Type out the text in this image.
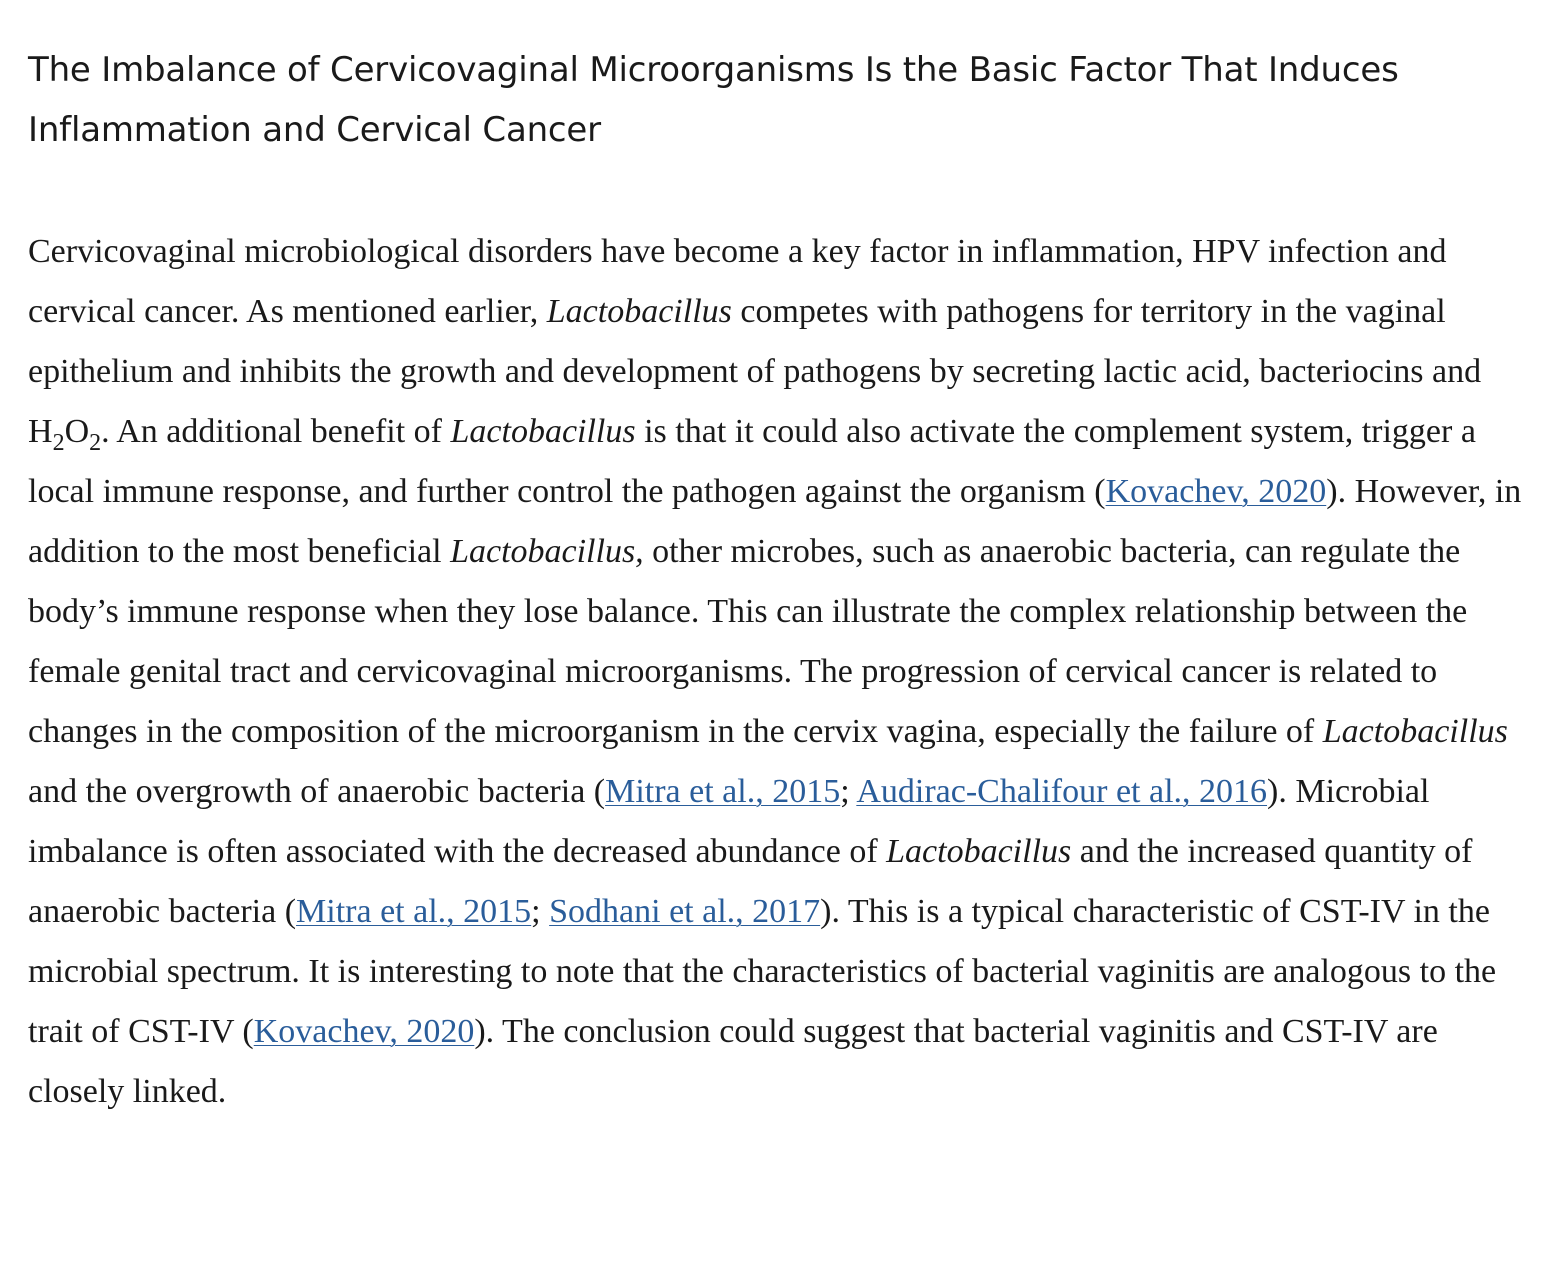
The Imbalance of Cervicovaginal Microorganisms Is the Basic Factor That Induces Inflammation and Cervical Cancer

Cervicovaginal microbiological disorders have become a key factor in inflammation, HPV infection and cervical cancer. As mentioned earlier, Lactobacillus competes with pathogens for territory in the vaginal epithelium and inhibits the growth and development of pathogens by secreting lactic acid, bacteriocins and $H_2O_2$. An additional benefit of Lactobacillus is that it could also activate the complement system, trigger a local immune response, and further control the pathogen against the organism (Kovachev, 2020). However, in addition to the most beneficial Lactobacillus, other microbes, such as anaerobic bacteria, can regulate the body’s immune response when they lose balance. This can illustrate the complex relationship between the female genital tract and cervicovaginal microorganisms. The progression of cervical cancer is related to changes in the composition of the microorganism in the cervix vagina, especially the failure of Lactobacillus and the overgrowth of anaerobic bacteria (Mitra et al., 2015; Audirac-Chalifour et al., 2016). Microbial imbalance is often associated with the decreased abundance of Lactobacillus and the increased quantity of anaerobic bacteria (Mitra et al., 2015; Sodhani et al., 2017). This is a typical characteristic of CST-IV in the microbial spectrum. It is interesting to note that the characteristics of bacterial vaginitis are analogous to the trait of CST-IV (Kovachev, 2020). The conclusion could suggest that bacterial vaginitis and CST-IV are closely linked.
